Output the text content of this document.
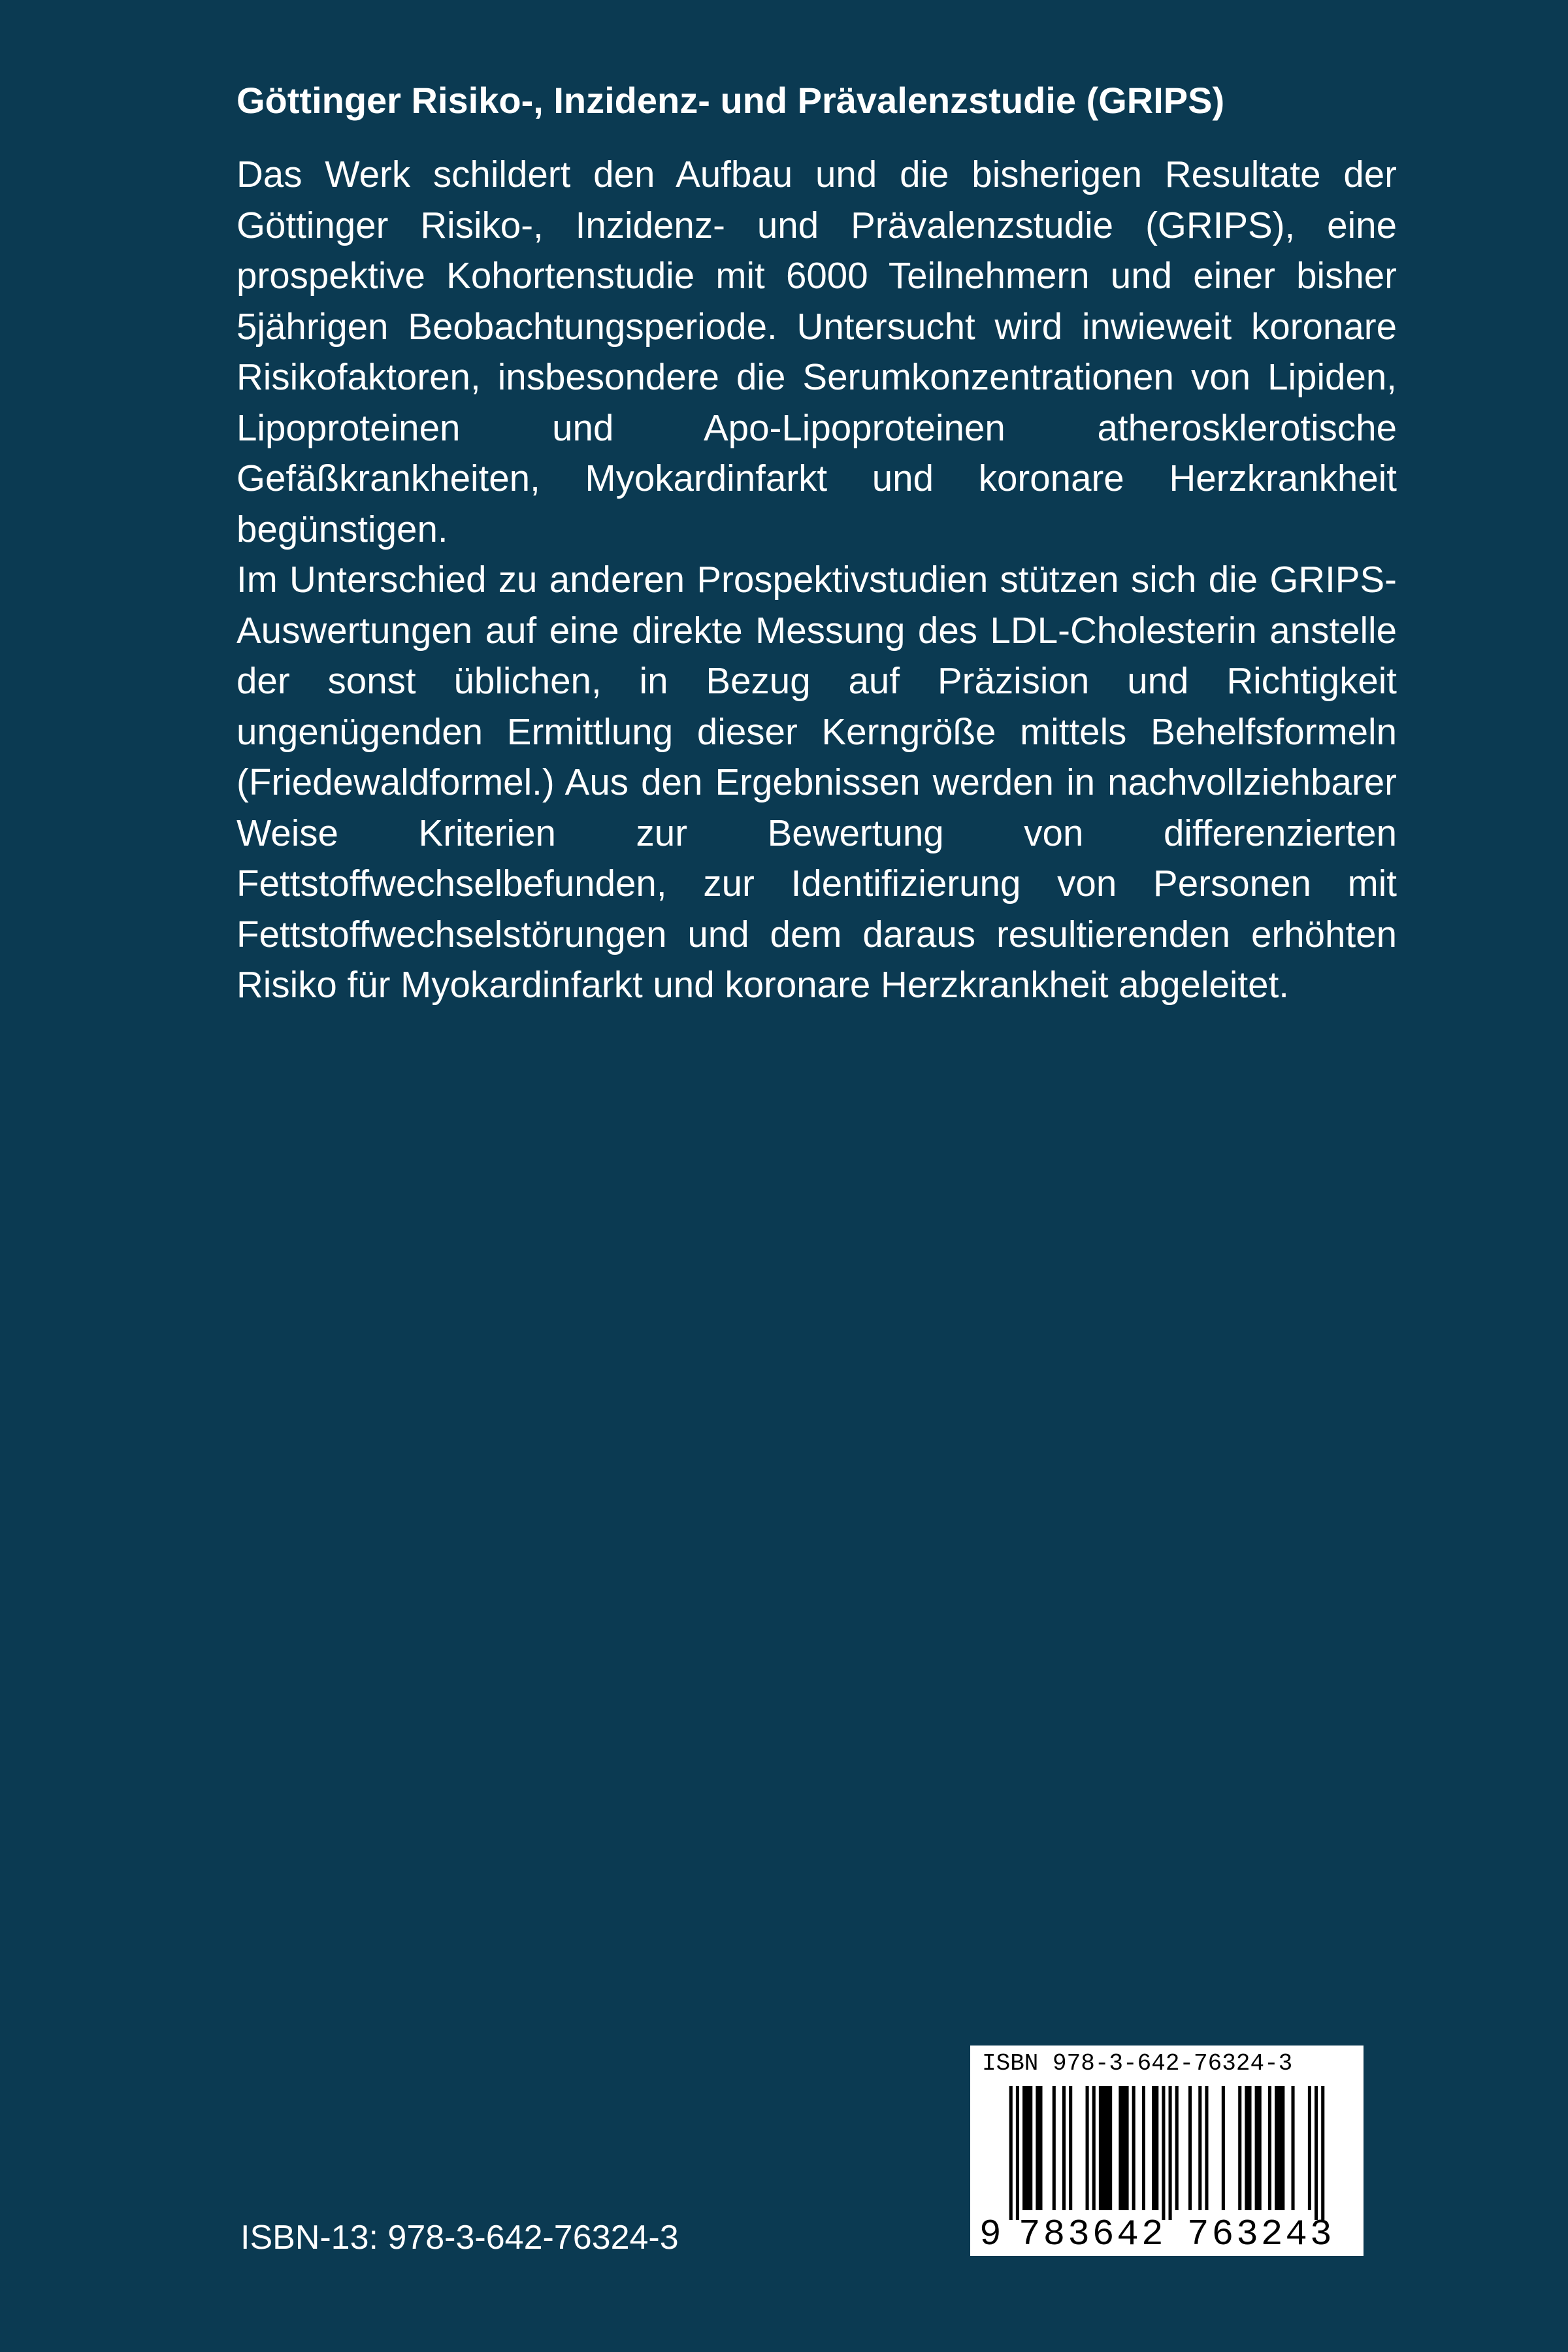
Göttinger Risiko-, Inzidenz- und Prävalenzstudie (GRIPS)

Das Werk schildert den Aufbau und die bisherigen Resultate der Göttinger Risiko-, Inzidenz- und Prävalenzstudie (GRIPS), eine prospektive Kohortenstudie mit 6000 Teilnehmern und einer bisher 5jährigen Beobachtungsperiode. Untersucht wird inwieweit koronare Risikofaktoren, insbesondere die Serumkonzentrationen von Lipiden, Lipoproteinen und Apo-Lipoproteinen atherosklerotische Gefäßkrankheiten, Myokardinfarkt und koronare Herzkrankheit begünstigen.

Im Unterschied zu anderen Prospektivstudien stützen sich die GRIPS-Auswertungen auf eine direkte Messung des LDL-Cholesterin anstelle der sonst üblichen, in Bezug auf Präzision und Richtigkeit ungenügenden Ermittlung dieser Kerngröße mittels Behelfsformeln (Friedewaldformel.) Aus den Ergebnissen werden in nachvollziehbarer Weise Kriterien zur Bewertung von differenzierten Fettstoffwechselbefunden, zur Identifizierung von Personen mit Fettstoffwechselstörungen und dem daraus resultierenden erhöhten Risiko für Myokardinfarkt und koronare Herzkrankheit abgeleitet.

ISBN 978-3-642-76324-3
9 783642 763243
ISBN-13: 978-3-642-76324-3
